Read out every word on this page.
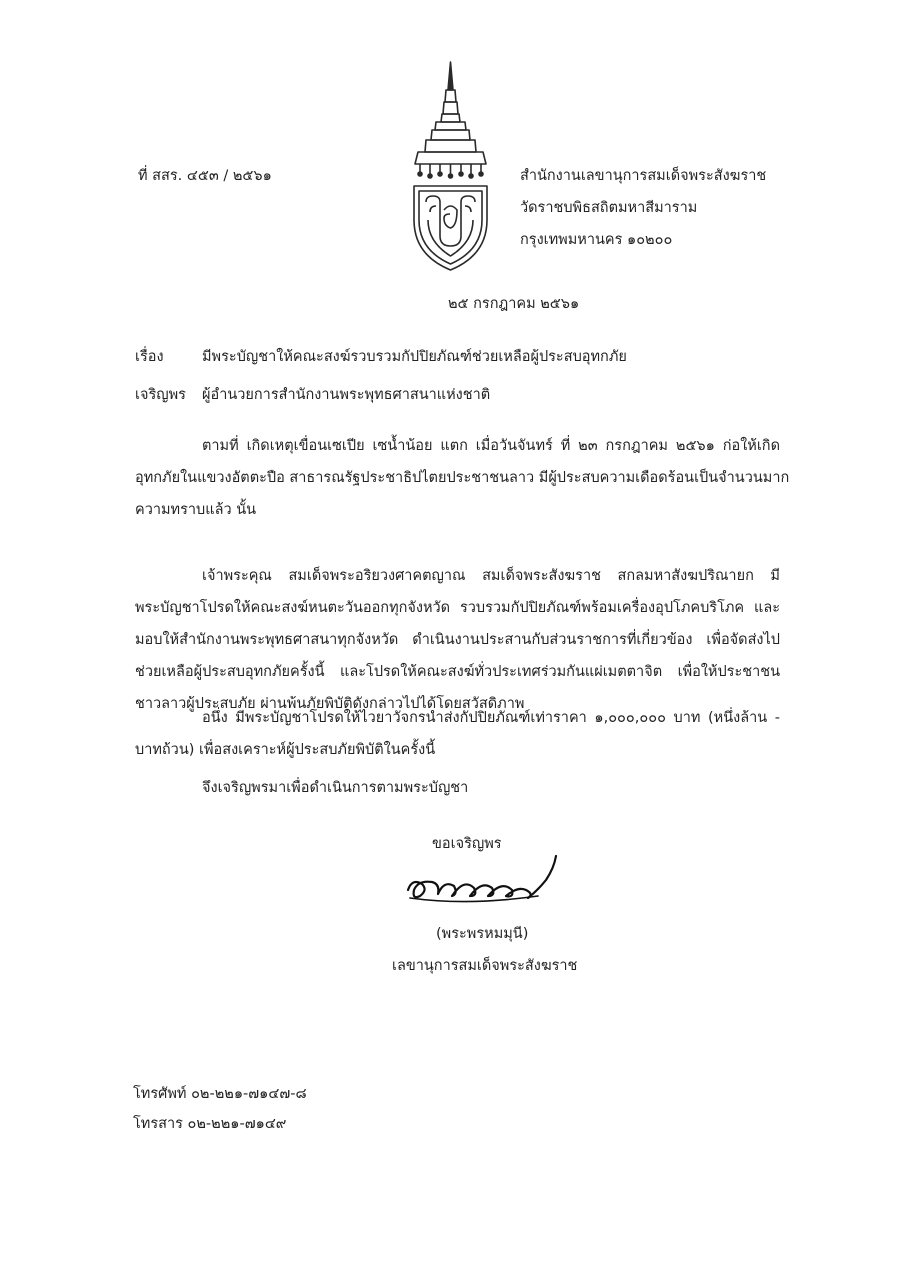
ที่ สสร. ๔๕๓ / ๒๕๖๑	สำนักงานเลขานุการสมเด็จพระสังฆราช
วัดราชบพิธสถิตมหาสีมาราม
กรุงเทพมหานคร ๑๐๒๐๐
๒๕ กรกฎาคม ๒๕๖๑
เรื่อง	มีพระบัญชาให้คณะสงฆ์รวบรวมกัปปิยภัณฑ์ช่วยเหลือผู้ประสบอุทกภัย
เจริญพร ผู้อำนวยการสำนักงานพระพุทธศาสนาแห่งชาติ
ตามที่ เกิดเหตุเขื่อนเซเปีย เซน้ำน้อย แตก เมื่อวันจันทร์ ที่ ๒๓ กรกฎาคม ๒๕๖๑ ก่อให้เกิด
อุทกภัยในแขวงอัตตะปือ สาธารณรัฐประชาธิปไตยประชาชนลาว มีผู้ประสบความเดือดร้อนเป็นจำนวนมาก
ความทราบแล้ว นั้น
เจ้าพระคุณ สมเด็จพระอริยวงศาคตญาณ สมเด็จพระสังฆราช สกลมหาสังฆปริณายก มี
พระบัญชาโปรดให้คณะสงฆ์หนตะวันออกทุกจังหวัด รวบรวมกัปปิยภัณฑ์พร้อมเครื่องอุปโภคบริโภค และ
มอบให้สำนักงานพระพุทธศาสนาทุกจังหวัด ดำเนินงานประสานกับส่วนราชการที่เกี่ยวข้อง เพื่อจัดส่งไป
ช่วยเหลือผู้ประสบอุทกภัยครั้งนี้ และโปรดให้คณะสงฆ์ทั่วประเทศร่วมกันแผ่เมตตาจิต เพื่อให้ประชาชน
ชาวลาวผู้ประสบภัย ผ่านพ้นภัยพิบัติดังกล่าวไปได้โดยสวัสดิภาพ
อนึ่ง มีพระบัญชาโปรดให้ไวยาวัจกรนำส่งกัปปิยภัณฑ์เท่าราคา ๑,๐๐๐,๐๐๐ บาท (หนึ่งล้าน -
บาทถ้วน) เพื่อสงเคราะห์ผู้ประสบภัยพิบัติในครั้งนี้
จึงเจริญพรมาเพื่อดำเนินการตามพระบัญชา
ขอเจริญพร
(พระพรหมมุนี)
เลขานุการสมเด็จพระสังฆราช
โทรศัพท์ ๐๒-๒๒๑-๗๑๔๗-๘
โทรสาร ๐๒-๒๒๑-๗๑๔๙
